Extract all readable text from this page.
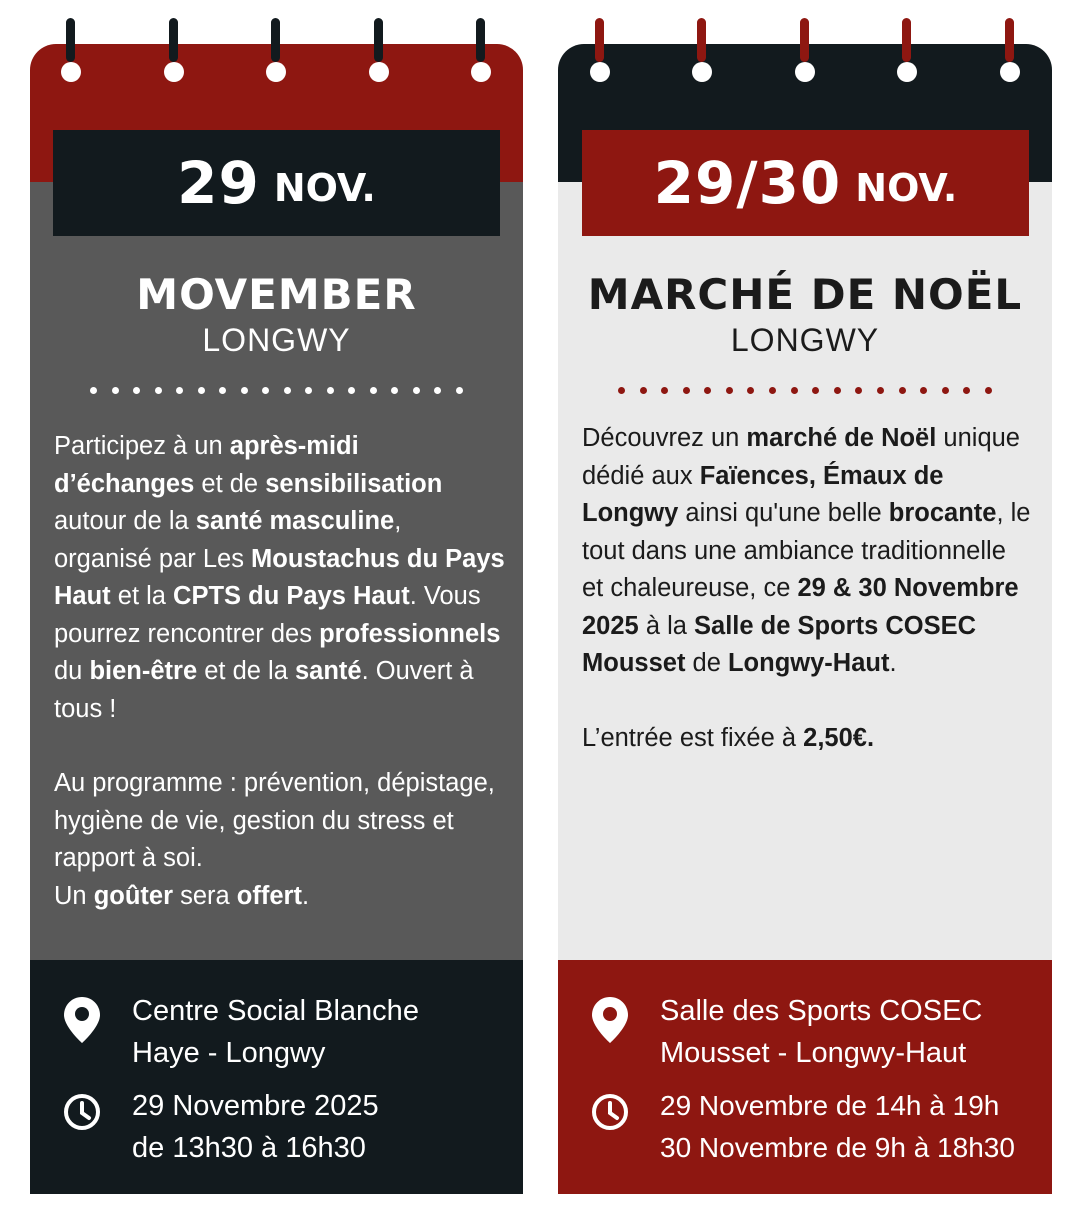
29 NOV.
MOVEMBER
LONGWY

Participez à un après-midi d’échanges et de sensibilisation autour de la santé masculine, organisé par Les Moustachus du Pays Haut et la CPTS du Pays Haut. Vous pourrez rencontrer des professionnels du bien-être et de la santé. Ouvert à tous !

Au programme : prévention, dépistage, hygiène de vie, gestion du stress et rapport à soi.
Un goûter sera offert.

Centre Social Blanche
Haye - Longwy
29 Novembre 2025
de 13h30 à 16h30
29/30 NOV.
MARCHÉ DE NOËL
LONGWY

Découvrez un marché de Noël unique dédié aux Faïences, Émaux de Longwy ainsi qu'une belle brocante, le tout dans une ambiance traditionnelle et chaleureuse, ce 29 & 30 Novembre 2025 à la Salle de Sports COSEC Mousset de Longwy-Haut.

L’entrée est fixée à 2,50€.

Salle des Sports COSEC
Mousset - Longwy-Haut
29 Novembre de 14h à 19h
30 Novembre de 9h à 18h30
